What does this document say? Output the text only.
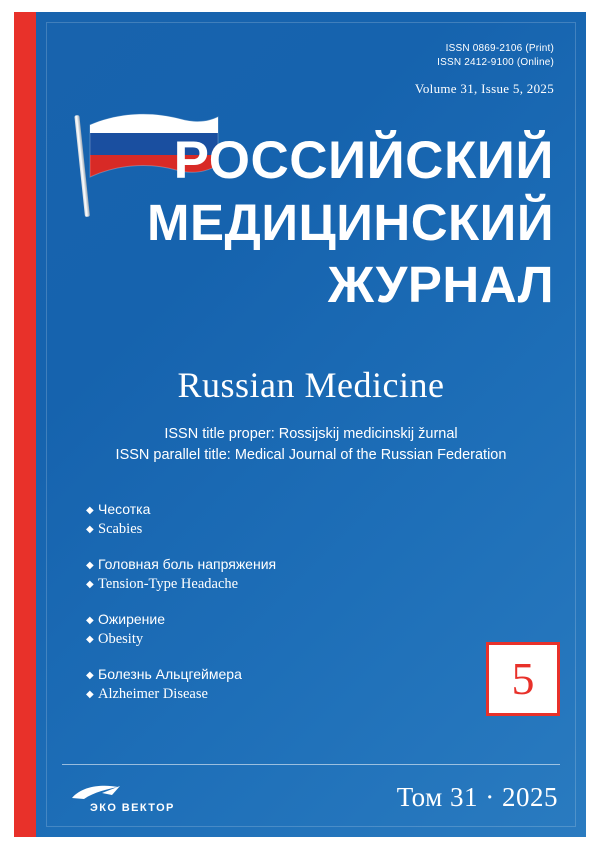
ISSN 0869-2106 (Print)
ISSN 2412-9100 (Online)
Volume 31, Issue 5, 2025
РОССИЙСКИЙ
МЕДИЦИНСКИЙ
ЖУРНАЛ
Russian Medicine
ISSN title proper: Rossijskij medicinskij žurnal
ISSN parallel title: Medical Journal of the Russian Federation
◆ Чесотка
◆ Scabies
◆ Головная боль напряжения
◆ Tension-Type Headache
◆ Ожирение
◆ Obesity
◆ Болезнь Альцгеймера
◆ Alzheimer Disease	5
ЭКО ВЕКТОР	Том 31 · 2025
